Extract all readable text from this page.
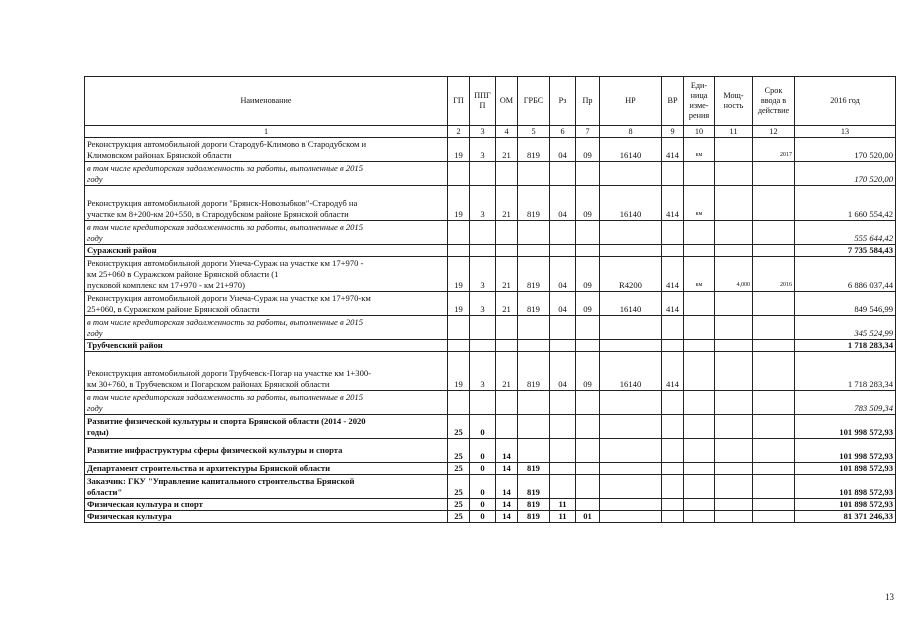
Наименование	ГП	ППГ
П	ОМ	ГРБС	Рз	Пр	НР	ВР	Еди-
ница
изме-
рения	Мощ-
ность	Срок
ввода в
действие	2016 год
1	2	3	4	5	6	7	8	9	10	11	12	13
Реконструкция автомобильной дороги Стародуб-Климово в Стародубском и
Климовском районах Брянской области	19	3	21	819	04	09	16140	414	км		2017	170 520,00
в том числе кредиторская задолженность за работы, выполненные в 2015
году												170 520,00
Реконструкция автомобильной дороги "Брянск-Новозыбков"-Стародуб на
участке км 8+200-км 20+550, в Стародубском районе Брянской области	19	3	21	819	04	09	16140	414	км			1 660 554,42
в том числе кредиторская задолженность за работы, выполненные в 2015
году												555 644,42
Суражский район												7 735 584,43
Реконструкция автомобильной дороги Унеча-Сураж на участке км 17+970 -
км 25+060 в Суражском районе Брянской области (1
пусковой комплекс км 17+970 - км 21+970)	19	3	21	819	04	09	R4200	414	км	4,000	2016	6 886 037,44
Реконструкция автомобильной дороги Унеча-Сураж на участке км 17+970-км
25+060, в Суражском районе Брянской области	19	3	21	819	04	09	16140	414				849 546,99
в том числе кредиторская задолженность за работы, выполненные в 2015
году												345 524,99
Трубчевский район												1 718 283,34
Реконструкция автомобильной дороги Трубчевск-Погар на участке км 1+300-
км 30+760, в Трубчевском и Погарском районах Брянской области	19	3	21	819	04	09	16140	414				1 718 283,34
в том числе кредиторская задолженность за работы, выполненные в 2015
году												783 509,34
Развитие физической культуры и спорта Брянской области (2014 - 2020
годы)	25	0										101 998 572,93
Развитие инфраструктуры сферы физической культуры и спорта	25	0	14									101 998 572,93
Департамент строительства и архитектуры Брянской области	25	0	14	819								101 898 572,93
Заказчик: ГКУ "Управление капитального строительства Брянской
области"	25	0	14	819								101 898 572,93
Физическая культура и спорт	25	0	14	819	11							101 898 572,93
Физическая культура	25	0	14	819	11	01						81 371 246,33
13
